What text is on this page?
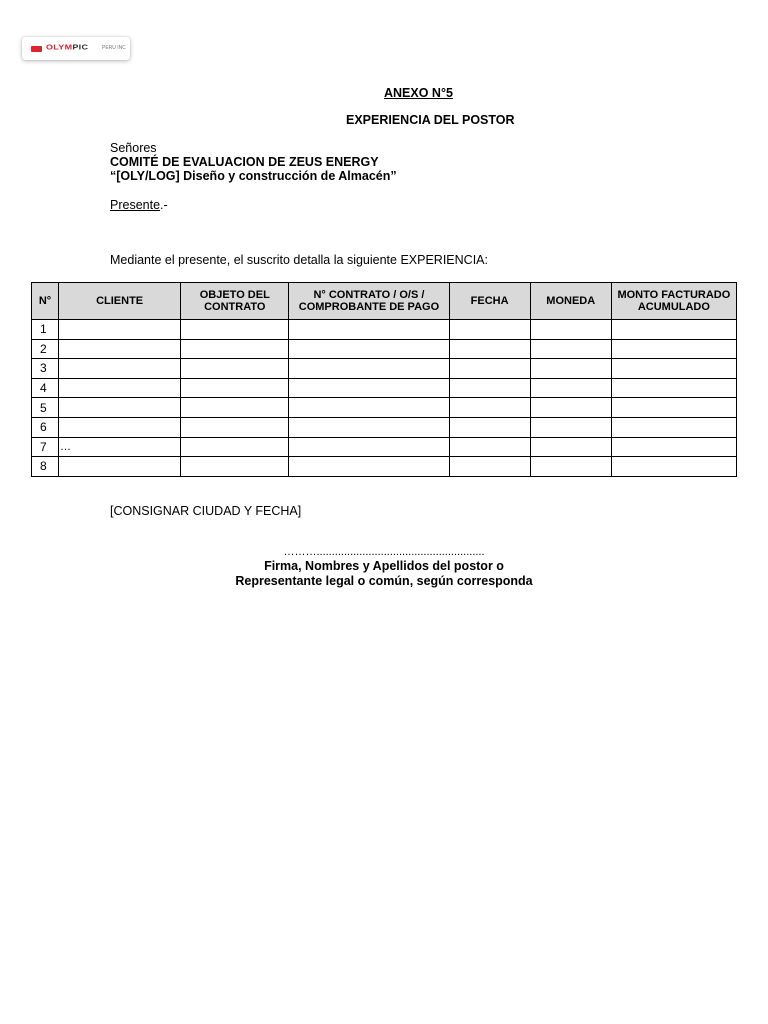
OLYMPIC	PERU INC
ANEXO N°5
EXPERIENCIA DEL POSTOR
Señores
COMITÉ DE EVALUACION DE ZEUS ENERGY
“[OLY/LOG] Diseño y construcción de Almacén”
Presente.-
Mediante el presente, el suscrito detalla la siguiente EXPERIENCIA:
N°	CLIENTE	OBJETO DEL CONTRATO	N° CONTRATO / O/S / COMPROBANTE DE PAGO	FECHA	MONEDA	MONTO FACTURADO ACUMULADO
1						
2						
3						
4						
5						
6						
7	…					
8						
[CONSIGNAR CIUDAD Y FECHA]
……….......................................................
Firma, Nombres y Apellidos del postor o
Representante legal o común, según corresponda
